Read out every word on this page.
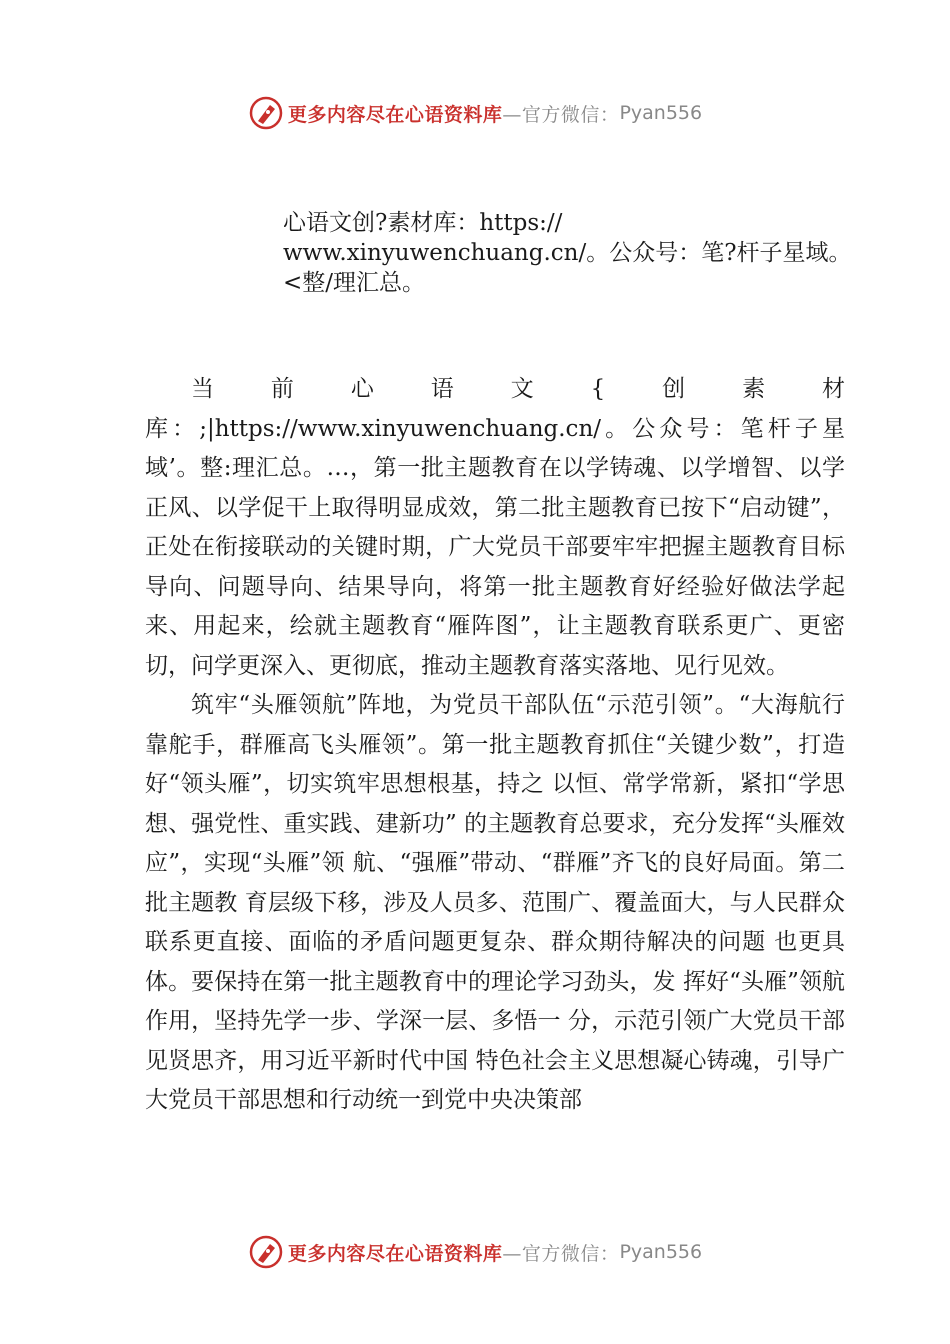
更多内容尽在心语资料库 —官方微信： Pyan556
心语文创?素材库：https://
www.xinyuwenchuang.cn/。公众号：笔?杆子星域。
<整/理汇总。

当前心语文{创素材库：;|https://www.xinyuwenchuang.cn/。公众号：笔杆子星域’。整:理汇总。…，第一批主题教育在以学铸魂、以学增智、以学正风、以学促干上取得明显成效，第二批主题教育已按下“启动键”，正处在衔接联动的关键时期，广大党员干部要牢牢把握主题教育目标导向、问题导向、结果导向，将第一批主题教育好经验好做法学起来、用起来，绘就主题教育“雁阵图”，让主题教育联系更广、更密切，问学更深入、更彻底，推动主题教育落实落地、见行见效。

筑牢“头雁领航”阵地，为党员干部队伍“示范引领”。“大海航行靠舵手，群雁高飞头雁领”。第一批主题教育抓住“关键少数”，打造好“领头雁”，切实筑牢思想根基，持之 以恒、常学常新，紧扣“学思想、强党性、重实践、建新功” 的主题教育总要求，充分发挥“头雁效应”，实现“头雁”领 航、“强雁”带动、“群雁”齐飞的良好局面。第二批主题教 育层级下移，涉及人员多、范围广、覆盖面大，与人民群众联系更直接、面临的矛盾问题更复杂、群众期待解决的问题 也更具体。要保持在第一批主题教育中的理论学习劲头，发 挥好“头雁”领航作用，坚持先学一步、学深一层、多悟一 分，示范引领广大党员干部见贤思齐，用习近平新时代中国 特色社会主义思想凝心铸魂，引导广大党员干部思想和行动统一到党中央决策部

更多内容尽在心语资料库 —官方微信： Pyan556
